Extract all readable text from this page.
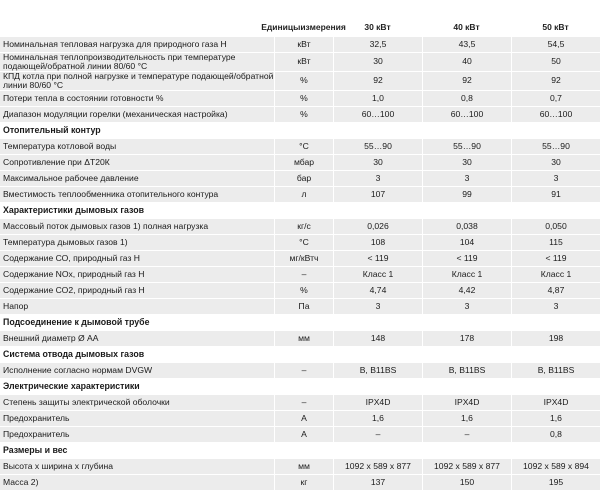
Единицы измерения	30 кВт	40 кВт	50 кВт
Номинальная тепловая нагрузка для природного газа Н	кВт	32,5	43,5	54,5
Номинальная теплопроизводительность при температуре подающей/обратной линии 80/60 °С	кВт	30	40	50
КПД котла при полной нагрузке и температуре подающей/обратной линии 80/60 °С	%	92	92	92
Потери тепла в состоянии готовности %	%	1,0	0,8	0,7
Диапазон модуляции горелки (механическая настройка)	%	60…100	60…100	60…100
Отопительный контур
Температура котловой воды	°С	55…90	55…90	55…90
Сопротивление при ΔТ20К	мбар	30	30	30
Максимальное рабочее давление	бар	3	3	3
Вместимость теплообменника отопительного контура	л	107	99	91
Характеристики дымовых газов
Массовый поток дымовых газов 1) полная нагрузка	кг/с	0,026	0,038	0,050
Температура дымовых газов 1)	°С	108	104	115
Содержание СО, природный газ Н	мг/кВтч	< 119	< 119	< 119
Содержание NOx, природный газ Н	–	Класс 1	Класс 1	Класс 1
Содержание СО2, природный газ Н	%	4,74	4,42	4,87
Напор	Па	3	3	3
Подсоединение к дымовой трубе
Внешний диаметр Ø АА	мм	148	178	198
Система отвода дымовых газов
Исполнение согласно нормам DVGW	–	В, В11BS	В, В11BS	В, В11BS
Электрические характеристики
Степень защиты электрической оболочки	–	IPX4D	IPX4D	IPX4D
Предохранитель	А	1,6	1,6	1,6
Предохранитель	А	–	–	0,8
Размеры и вес
Высота х ширина х глубина	мм	1092 x 589 x 877	1092 x 589 x 877	1092 x 589 x 894
Масса 2)	кг	137	150	195
